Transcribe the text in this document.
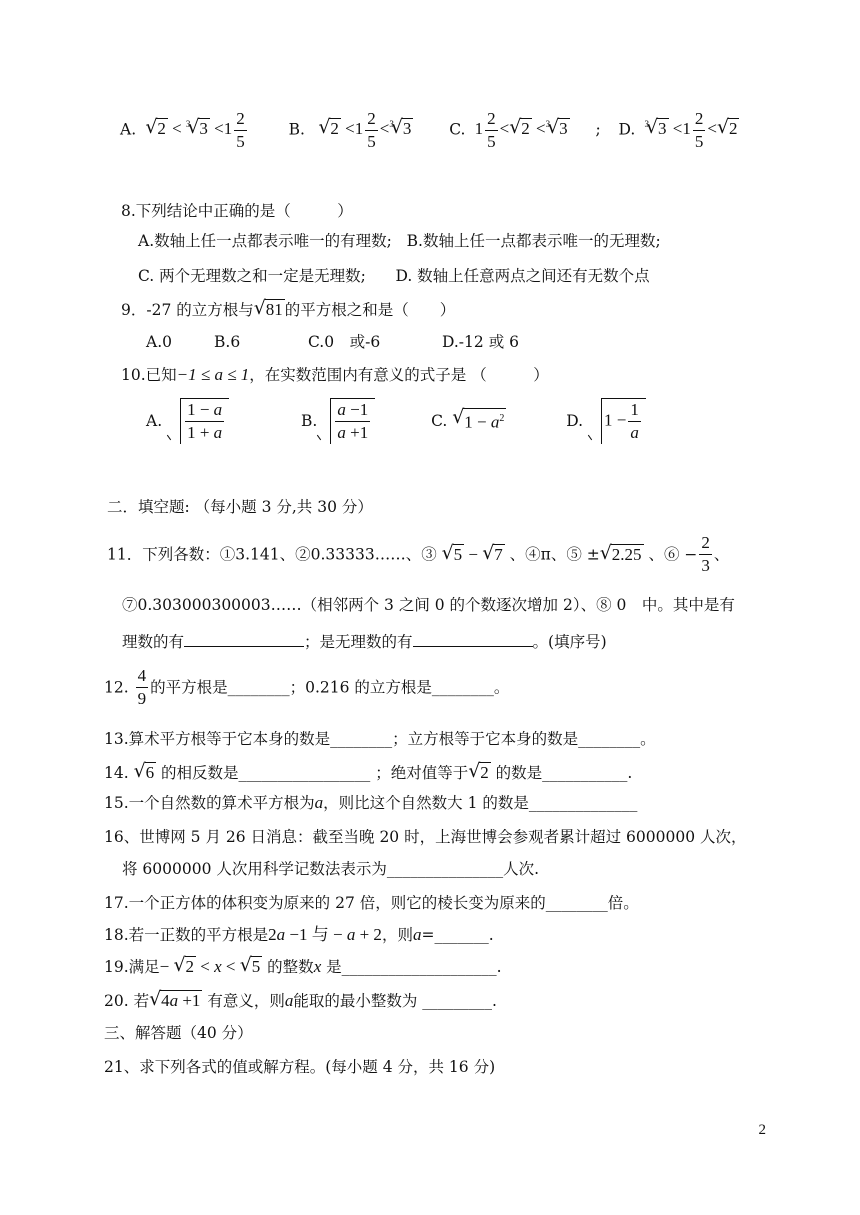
A.  √ 2 < $^3$√ $3 <1 \frac{2}{5}$	B.   √ $2 <1 \frac{2}{5} <^3√$ 3 C.  $1 \frac{2}{5}$ <√ 2 <$^3$√ 3 ; D. $^3$√ $3 <1 \frac{2}{5}$ <√ 2
8.下列结论中正确的是（　　　）
A.数轴上任一点都表示唯一的有理数; B.数轴上任一点都表示唯一的无理数;
C. 两个无理数之和一定是无理数; D. 数轴上任意两点之间还有无数个点
9．-27 的立方根与√ 81 的平方根之和是（　　）
A.0	B.6	C.0　或-6	D.-12 或 6
10.已知−1 ≤ a ≤ 1，在实数范围内有意义的式子是 （　　　）
A. $\frac{1 - a}{1 + a}$	B. $\frac{a -1}{a +1}$	C. √ $1 - a^2$	D. $1 - \frac{1}{a}$
二．填空题: （每小题 3 分,共 30 分）
11．下列各数：①3.141、②0.33333……、③ √ 5 − √ 7 、④π、⑤ ±√ 2.25 、⑥ − $\frac{2}{3}$ 、
⑦0.303000300003……（相邻两个 3 之间 0 的个数逐次增加 2）、⑧ 0　中。其中是有
理数的有	；是无理数的有	。(填序号)
12. $\frac{4}{9}$ 的平方根是________；0.216 的立方根是________。
13.算术平方根等于它本身的数是________；立方根等于它本身的数是________。
14. √ 6 的相反数是_________________ ；绝对值等于√ 2 的数是___________.
15.一个自然数的算术平方根为a，则比这个自然数大 1 的数是______________
16、世博网 5 月 26 日消息：截至当晚 20 时，上海世博会参观者累计超过 6000000 人次，
将 6000000 人次用科学记数法表示为_______________人次.
17.一个正方体的体积变为原来的 27 倍，则它的棱长变为原来的________倍。
18.若一正数的平方根是2a −1 与 − a + 2，则a=_______.
19.满足− √ 2 < x < √ 5 的整数x 是____________________.
20. 若√ 4a +1 有意义，则a能取的最小整数为 _________.
三、解答题（40 分）
21、求下列各式的值或解方程。(每小题 4 分，共 16 分)
2
